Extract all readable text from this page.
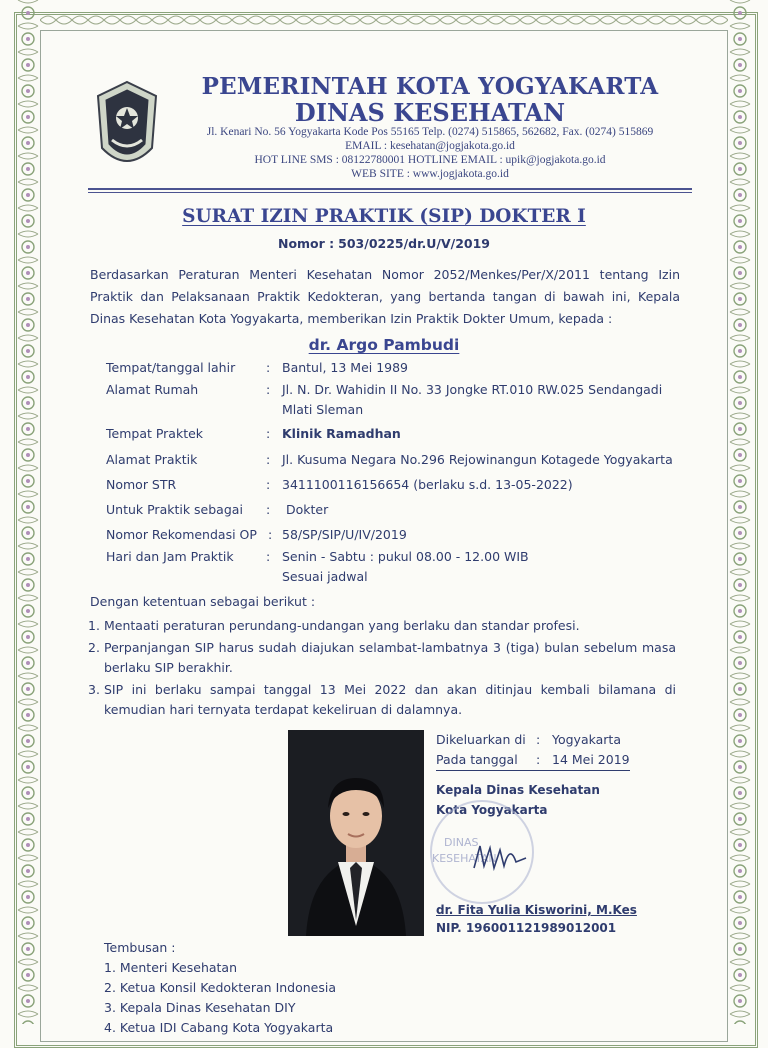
PEMERINTAH KOTA YOGYAKARTA
DINAS KESEHATAN
Jl. Kenari No. 56 Yogyakarta Kode Pos 55165 Telp. (0274) 515865, 562682, Fax. (0274) 515869
EMAIL : kesehatan@jogjakota.go.id
HOT LINE SMS : 08122780001 HOTLINE EMAIL : upik@jogjakota.go.id
WEB SITE : www.jogjakota.go.id
SURAT IZIN PRAKTIK (SIP) DOKTER I
Nomor : 503/0225/dr.U/V/2019
Berdasarkan Peraturan Menteri Kesehatan Nomor 2052/Menkes/Per/X/2011 tentang Izin Praktik dan Pelaksanaan Praktik Kedokteran, yang bertanda tangan di bawah ini, Kepala Dinas Kesehatan Kota Yogyakarta, memberikan Izin Praktik Dokter Umum, kepada :
dr. Argo Pambudi
Tempat/tanggal lahir	: Bantul, 13 Mei 1989
Alamat Rumah	: Jl. N. Dr. Wahidin II No. 33 Jongke RT.010 RW.025 Sendangadi
Mlati Sleman
Tempat Praktek	: Klinik Ramadhan
Alamat Praktik	: Jl. Kusuma Negara No.296 Rejowinangun Kotagede Yogyakarta
Nomor STR	: 3411100116156654 (berlaku s.d. 13-05-2022)
Untuk Praktik sebagai	: Dokter
Nomor Rekomendasi OP : 58/SP/SIP/U/IV/2019
Hari dan Jam Praktik	: Senin - Sabtu : pukul 08.00 - 12.00 WIB
Sesuai jadwal
Dengan ketentuan sebagai berikut :
1. Mentaati peraturan perundang-undangan yang berlaku dan standar profesi.
2. Perpanjangan SIP harus sudah diajukan selambat-lambatnya 3 (tiga) bulan sebelum masa berlaku SIP berakhir.
3. SIP ini berlaku sampai tanggal 13 Mei 2022 dan akan ditinjau kembali bilamana di kemudian hari ternyata terdapat kekeliruan di dalamnya.
Dikeluarkan di : Yogyakarta
Pada tanggal	: 14 Mei 2019
Kepala Dinas Kesehatan
Kota Yogyakarta
DINAS
KESEHATAN
dr. Fita Yulia Kisworini, M.Kes
NIP. 196001121989012001
Tembusan :
1. Menteri Kesehatan
2. Ketua Konsil Kedokteran Indonesia
3. Kepala Dinas Kesehatan DIY
4. Ketua IDI Cabang Kota Yogyakarta
